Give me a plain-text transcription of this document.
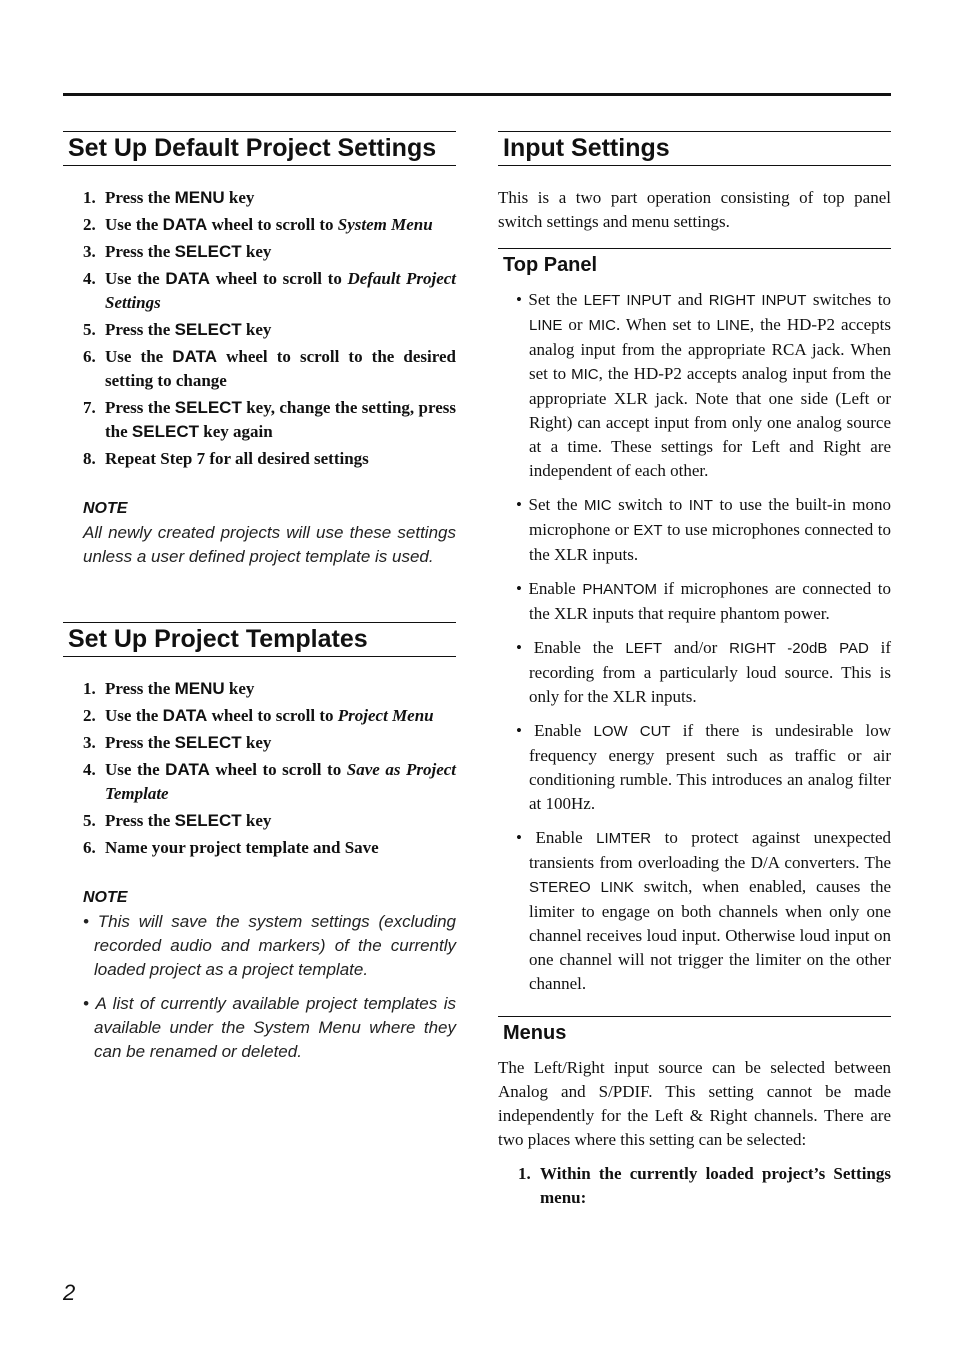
Set Up Default Project Settings
1. Press the MENU key
2. Use the DATA wheel to scroll to System Menu
3. Press the SELECT key
4. Use the DATA wheel to scroll to Default Project Settings
5. Press the SELECT key
6. Use the DATA wheel to scroll to the desired setting to change
7. Press the SELECT key, change the setting, press the SELECT key again
8. Repeat Step 7 for all desired settings

NOTE

All newly created projects will use these settings unless a user defined project template is used.

Set Up Project Templates
1. Press the MENU key
2. Use the DATA wheel to scroll to Project Menu
3. Press the SELECT key
4. Use the DATA wheel to scroll to Save as Project Template
5. Press the SELECT key
6. Name your project template and Save

NOTE

• This will save the system settings (excluding recorded audio and markers) of the currently loaded project as a project template.

• A list of currently available project templates is available under the System Menu where they can be renamed or deleted.

Input Settings

This is a two part operation consisting of top panel switch settings and menu settings.

Top Panel

• Set the LEFT INPUT and RIGHT INPUT switches to LINE or MIC. When set to LINE, the HD-P2 accepts analog input from the appropriate RCA jack. When set to MIC, the HD-P2 accepts analog input from the appropriate XLR jack. Note that one side (Left or Right) can accept input from only one analog source at a time. These settings for Left and Right are independent of each other.

• Set the MIC switch to INT to use the built-in mono microphone or EXT to use microphones connected to the XLR inputs.

• Enable PHANTOM if microphones are connected to the XLR inputs that require phantom power.

• Enable the LEFT and/or RIGHT -20dB PAD if recording from a particularly loud source. This is only for the XLR inputs.

• Enable LOW CUT if there is undesirable low frequency energy present such as traffic or air conditioning rumble. This introduces an analog filter at 100Hz.

• Enable LIMTER to protect against unexpected transients from overloading the D/A converters. The STEREO LINK switch, when enabled, causes the limiter to engage on both channels when only one channel receives loud input. Otherwise loud input on one channel will not trigger the limiter on the other channel.

Menus

The Left/Right input source can be selected between Analog and S/PDIF. This setting cannot be made independently for the Left & Right channels. There are two places where this setting can be selected:

1. Within the currently loaded project’s Settings menu:
2
